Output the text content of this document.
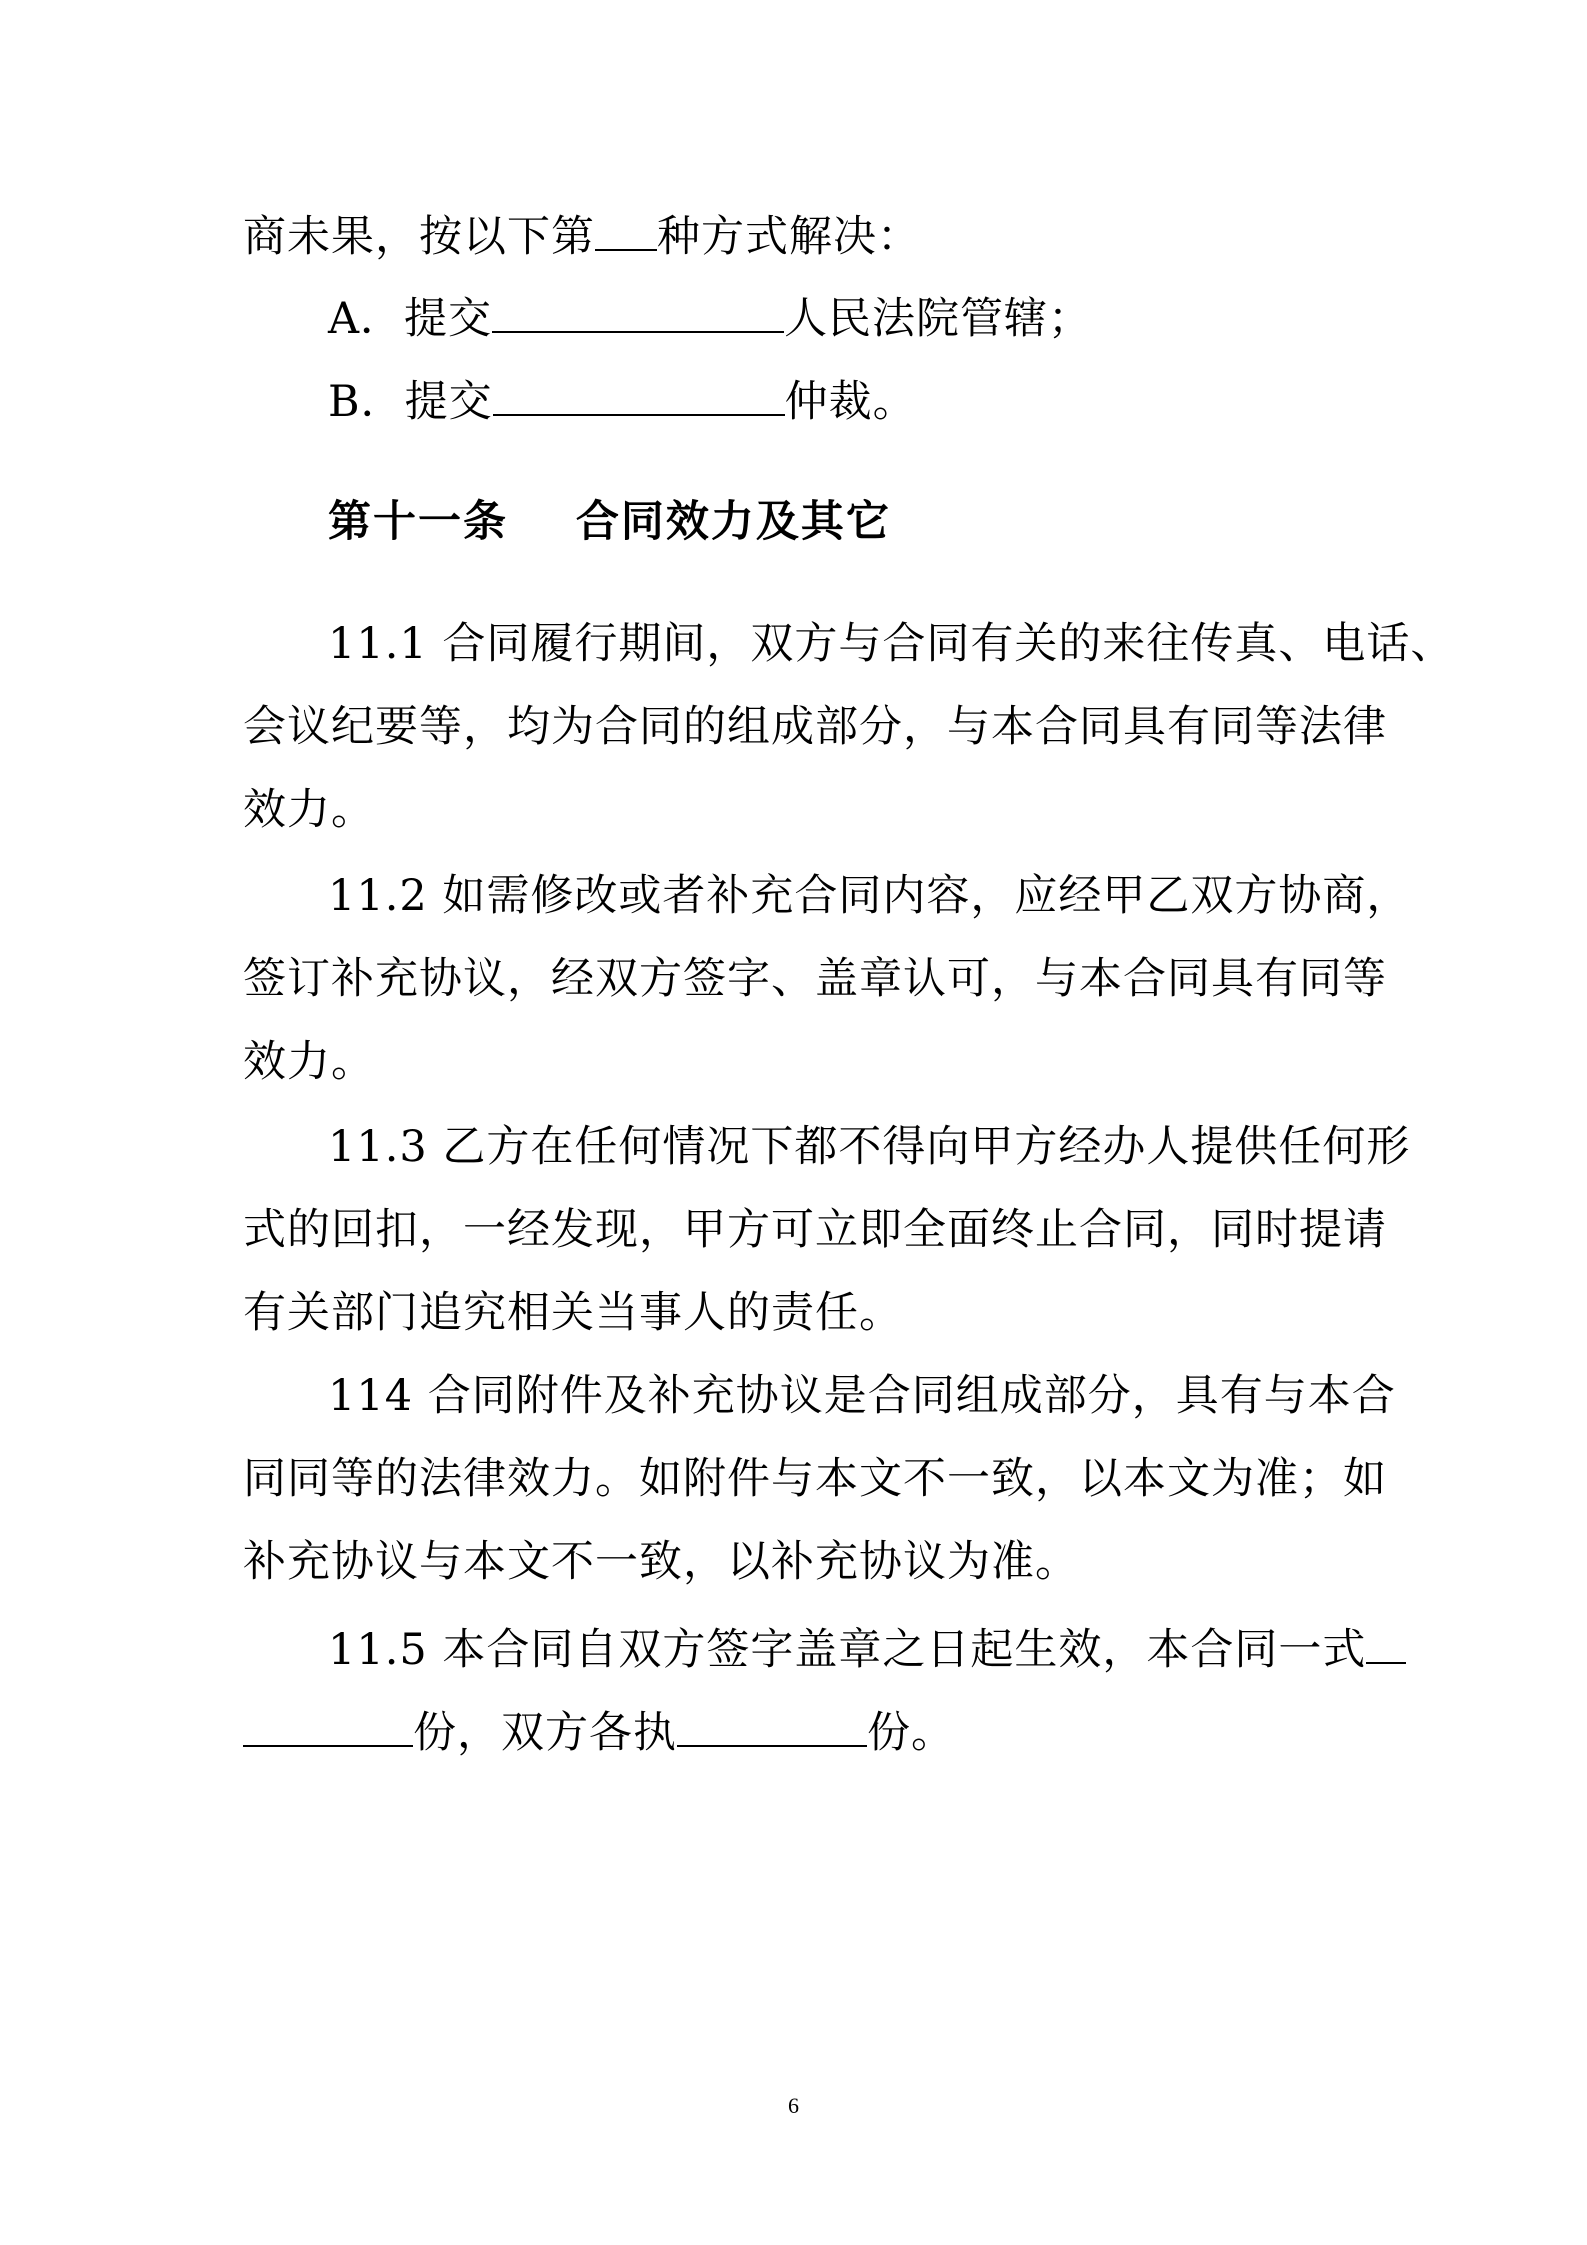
商未果，按以下第 种方式解决：
A．提交	人民法院管辖；
B．提交	仲裁。
第十一条    合同效力及其它
11.1 合同履行期间，双方与合同有关的来往传真、电话、
会议纪要等，均为合同的组成部分，与本合同具有同等法律
效力。
11.2 如需修改或者补充合同内容，应经甲乙双方协商，
签订补充协议，经双方签字、盖章认可，与本合同具有同等
效力。
11.3 乙方在任何情况下都不得向甲方经办人提供任何形
式的回扣，一经发现，甲方可立即全面终止合同，同时提请
有关部门追究相关当事人的责任。
114 合同附件及补充协议是合同组成部分，具有与本合
同同等的法律效力。如附件与本文不一致，以本文为准；如
补充协议与本文不一致，以补充协议为准。
11.5 本合同自双方签字盖章之日起生效，本合同一式
份，双方各执	份。
6
